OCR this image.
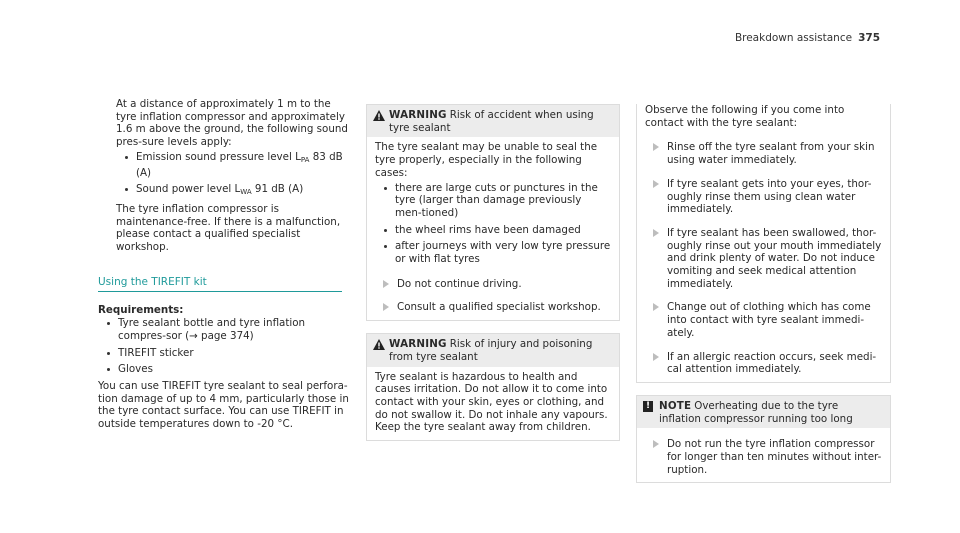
Breakdown assistance 375

At a distance of approximately 1 m to the tyre inflation compressor and approximately 1.6 m above the ground, the following sound pres-sure levels apply:

Emission sound pressure level $L_{PA}$ 83 dB (A)
Sound power level $L_{WA}$ 91 dB (A)

The tyre inflation compressor is maintenance-free. If there is a malfunction, please contact a qualified specialist workshop.

Using the TIREFIT kit

Requirements:

Tyre sealant bottle and tyre inflation compres-sor (→ page 374)
TIREFIT sticker
Gloves

You can use TIREFIT tyre sealant to seal perfora-tion damage of up to 4 mm, particularly those in the tyre contact surface. You can use TIREFIT in outside temperatures down to -20 °C.

WARNING Risk of accident when using tyre sealant

The tyre sealant may be unable to seal the tyre properly, especially in the following cases:

there are large cuts or punctures in the tyre (larger than damage previously men-tioned)
the wheel rims have been damaged
after journeys with very low tyre pressure or with flat tyres
Do not continue driving.
Consult a qualified specialist workshop.
WARNING Risk of injury and poisoning from tyre sealant

Tyre sealant is hazardous to health and causes irritation. Do not allow it to come into contact with your skin, eyes or clothing, and do not swallow it. Do not inhale any vapours. Keep the tyre sealant away from children.

Observe the following if you come into contact with the tyre sealant:

Rinse off the tyre sealant from your skin using water immediately.
If tyre sealant gets into your eyes, thor-oughly rinse them using clean water immediately.
If tyre sealant has been swallowed, thor-oughly rinse out your mouth immediately and drink plenty of water. Do not induce vomiting and seek medical attention immediately.
Change out of clothing which has come into contact with tyre sealant immedi-ately.
If an allergic reaction occurs, seek medi-cal attention immediately.
! NOTE Overheating due to the tyre inflation compressor running too long
Do not run the tyre inflation compressor for longer than ten minutes without inter-ruption.
